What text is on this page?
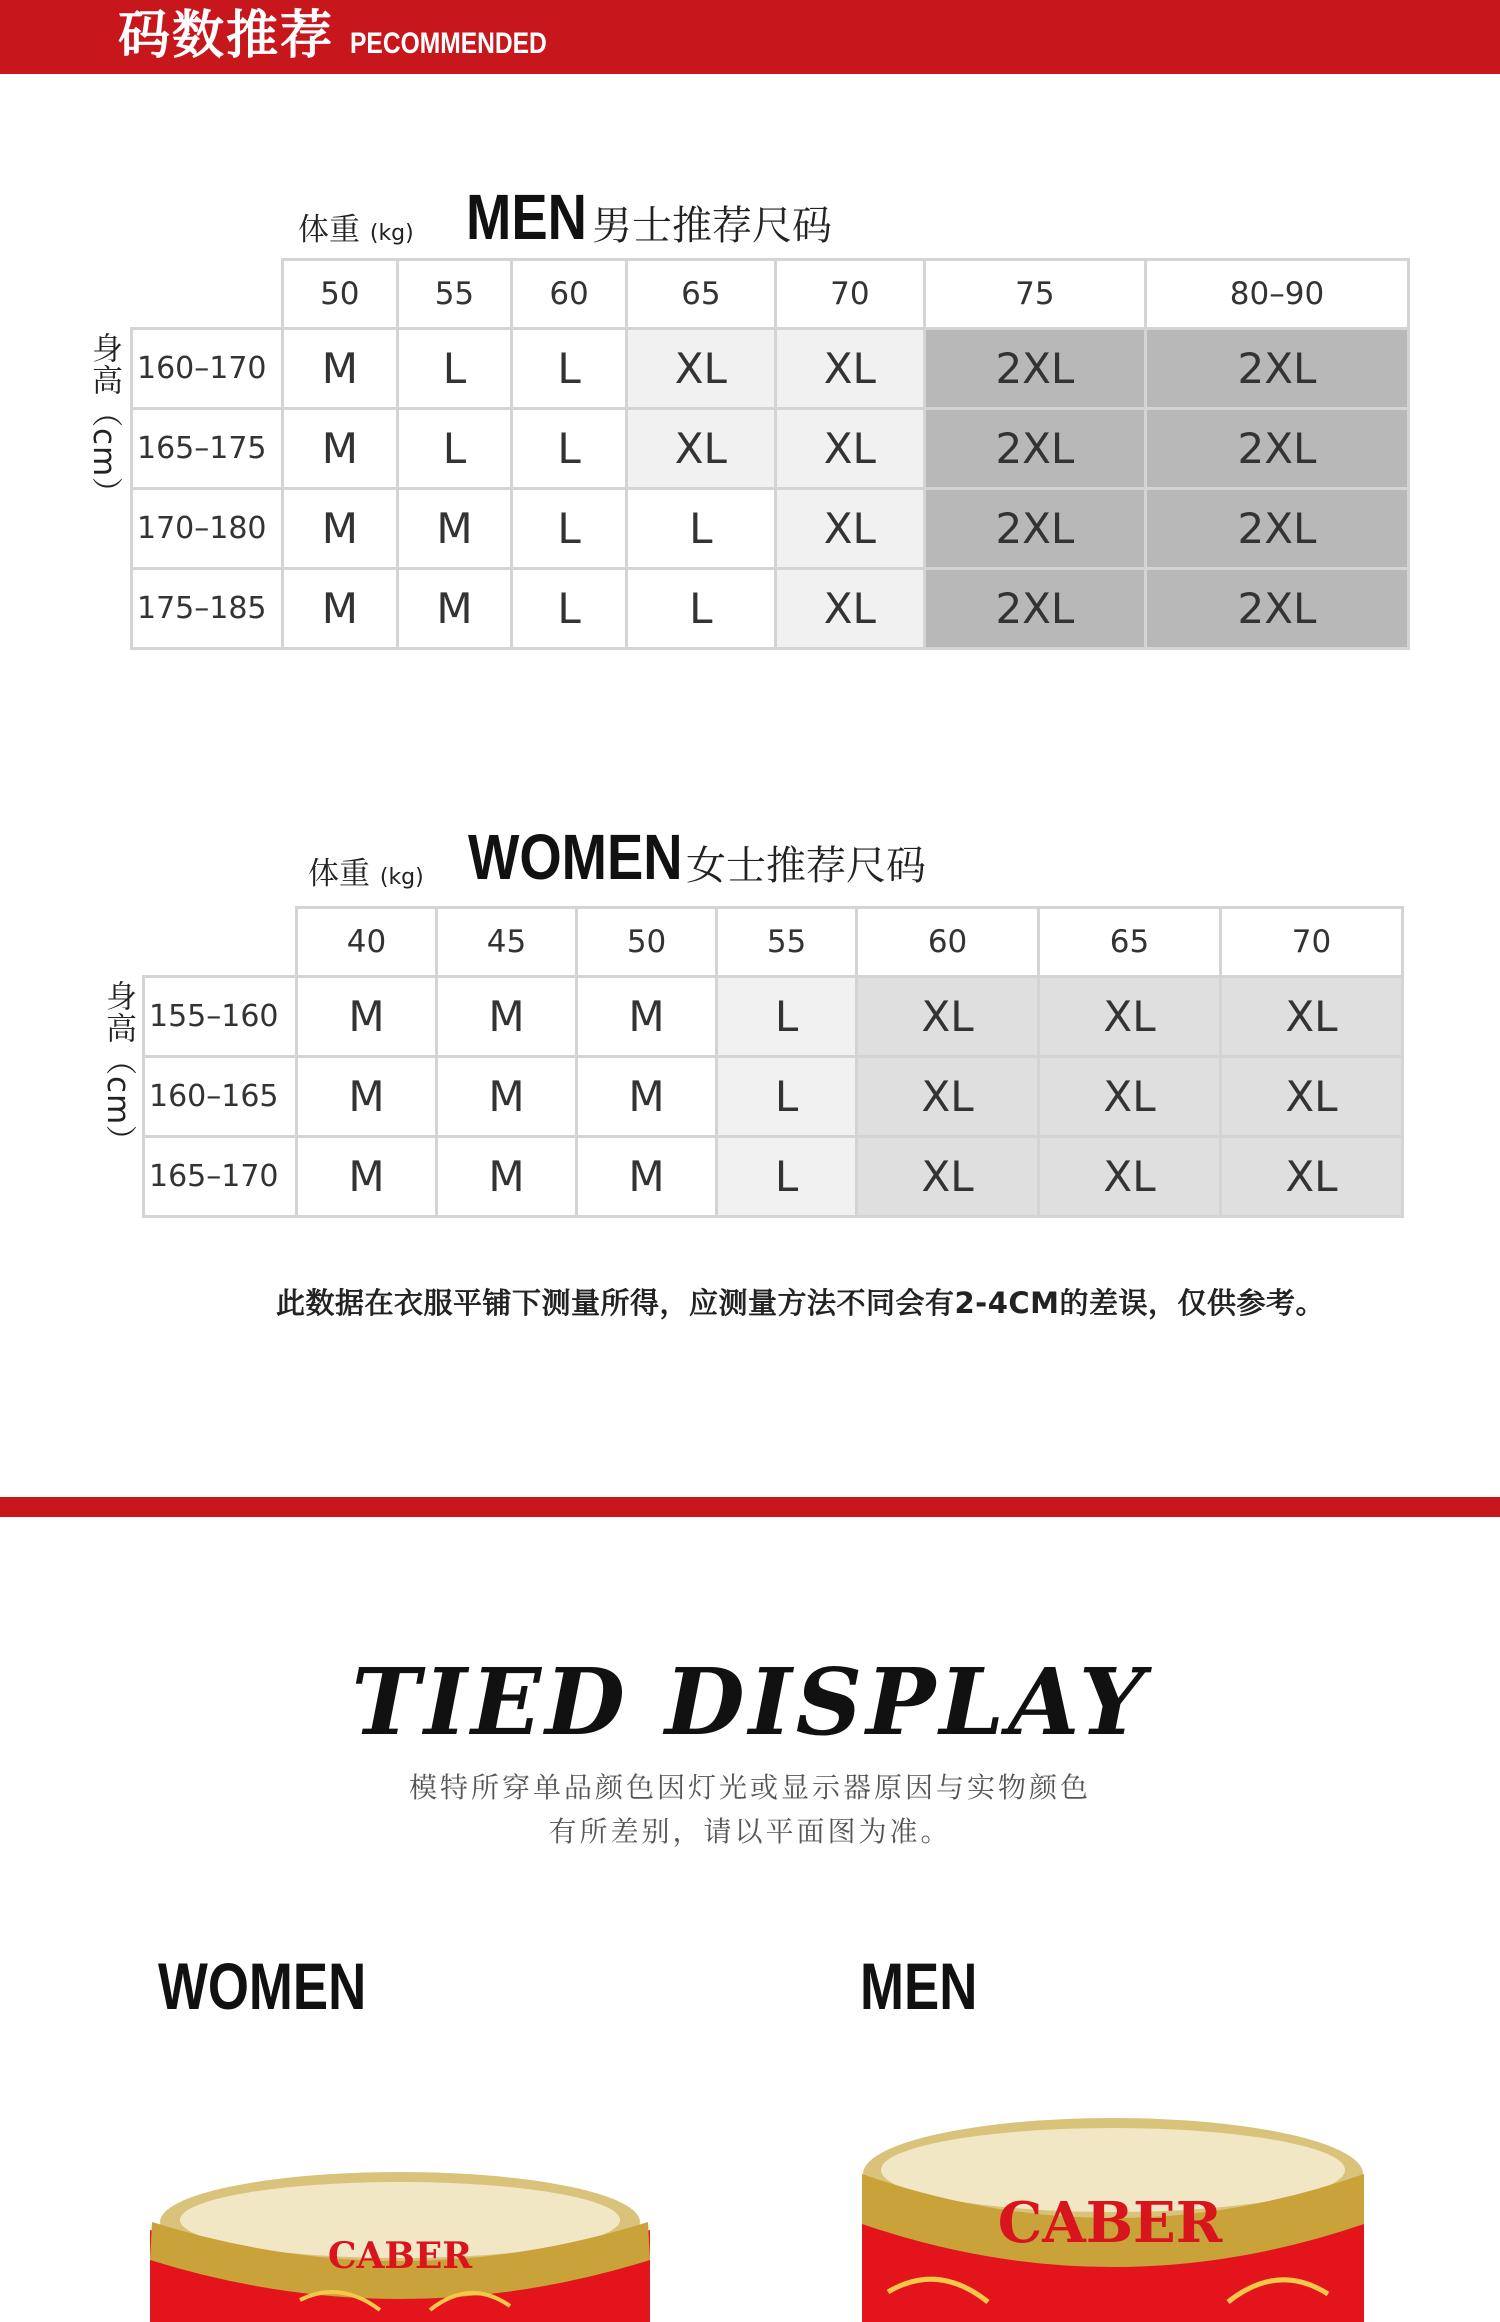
码数推荐 PECOMMENDED
体重 (kg) MEN 男士推荐尺码
身高（cm）
	50	55	60	65	70	75	80–90
160–170	M	L	L	XL	XL	2XL	2XL
165–175	M	L	L	XL	XL	2XL	2XL
170–180	M	M	L	L	XL	2XL	2XL
175–185	M	M	L	L	XL	2XL	2XL
体重 (kg) WOMEN 女士推荐尺码
身高（cm）
	40	45	50	55	60	65	70
155–160	M	M	M	L	XL	XL	XL
160–165	M	M	M	L	XL	XL	XL
165–170	M	M	M	L	XL	XL	XL
此数据在衣服平铺下测量所得，应测量方法不同会有2-4CM的差误，仅供参考。
TIED DISPLAY
模特所穿单品颜色因灯光或显示器原因与实物颜色
有所差别，请以平面图为准。
WOMEN	MEN
CABER	CABER
